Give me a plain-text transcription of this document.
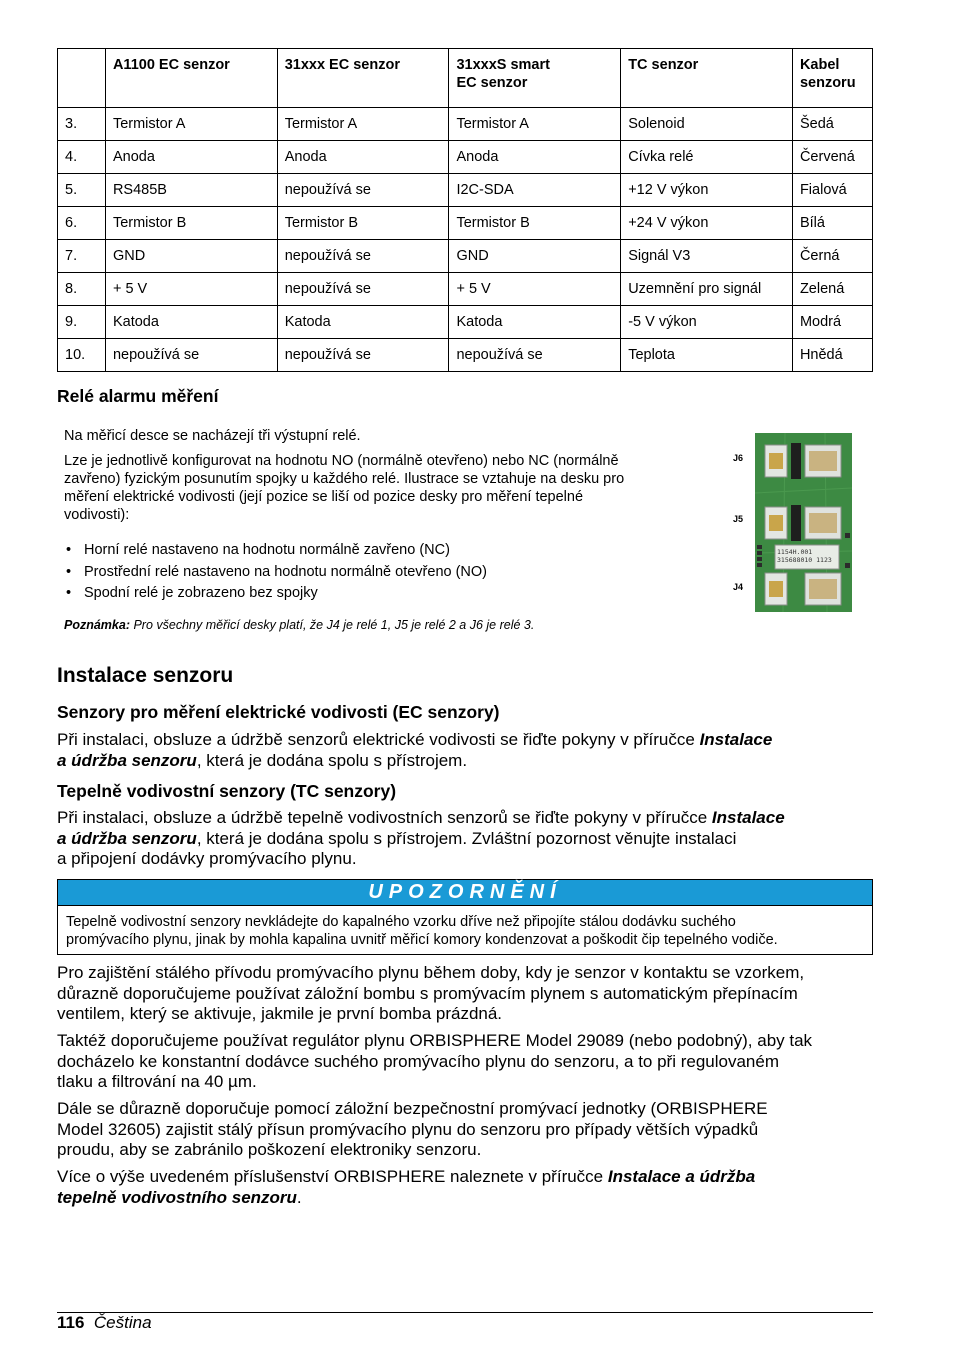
	A1100 EC senzor	31xxx EC senzor	31xxxS smart
EC senzor	TC senzor	Kabel
senzoru
3.	Termistor A	Termistor A	Termistor A	Solenoid	Šedá
4.	Anoda	Anoda	Anoda	Cívka relé	Červená
5.	RS485B	nepoužívá se	I2C-SDA	+12 V výkon	Fialová
6.	Termistor B	Termistor B	Termistor B	+24 V výkon	Bílá
7.	GND	nepoužívá se	GND	Signál V3	Černá
8.	+ 5 V	nepoužívá se	+ 5 V	Uzemnění pro signál	Zelená
9.	Katoda	Katoda	Katoda	-5 V výkon	Modrá
10.	nepoužívá se	nepoužívá se	nepoužívá se	Teplota	Hnědá
Relé alarmu měření
Na měřicí desce se nacházejí tři výstupní relé.
Lze je jednotlivě konfigurovat na hodnotu NO (normálně otevřeno) nebo NC (normálně
zavřeno) fyzickým posunutím spojky u každého relé. Ilustrace se vztahuje na desku pro
měření elektrické vodivosti (její pozice se liší od pozice desky pro měření tepelné
vodivosti):
• Horní relé nastaveno na hodnotu normálně zavřeno (NC)
• Prostřední relé nastaveno na hodnotu normálně otevřeno (NO)
• Spodní relé je zobrazeno bez spojky
Poznámka: Pro všechny měřicí desky platí, že J4 je relé 1, J5 je relé 2 a J6 je relé 3.
J6
J5
J4
1154H.001
315688010 1123
Instalace senzoru
Senzory pro měření elektrické vodivosti (EC senzory)
Při instalaci, obsluze a údržbě senzorů elektrické vodivosti se řiďte pokyny v příručce Instalace
a údržba senzoru, která je dodána spolu s přístrojem.
Tepelně vodivostní senzory (TC senzory)
Při instalaci, obsluze a údržbě tepelně vodivostních senzorů se řiďte pokyny v příručce Instalace
a údržba senzoru, která je dodána spolu s přístrojem. Zvláštní pozornost věnujte instalaci
a připojení dodávky promývacího plynu.
UPOZORNĚNÍ
Tepelně vodivostní senzory nevkládejte do kapalného vzorku dříve než připojíte stálou dodávku suchého
promývacího plynu, jinak by mohla kapalina uvnitř měřicí komory kondenzovat a poškodit čip tepelného vodiče.
Pro zajištění stálého přívodu promývacího plynu během doby, kdy je senzor v kontaktu se vzorkem,
důrazně doporučujeme používat záložní bombu s promývacím plynem s automatickým přepínacím
ventilem, který se aktivuje, jakmile je první bomba prázdná.
Taktéž doporučujeme používat regulátor plynu ORBISPHERE Model 29089 (nebo podobný), aby tak
docházelo ke konstantní dodávce suchého promývacího plynu do senzoru, a to při regulovaném
tlaku a filtrování na 40 µm.
Dále se důrazně doporučuje pomocí záložní bezpečnostní promývací jednotky (ORBISPHERE
Model 32605) zajistit stálý přísun promývacího plynu do senzoru pro případy větších výpadků
proudu, aby se zabránilo poškození elektroniky senzoru.
Více o výše uvedeném příslušenství ORBISPHERE naleznete v příručce Instalace a údržba
tepelně vodivostního senzoru.
116 Čeština
